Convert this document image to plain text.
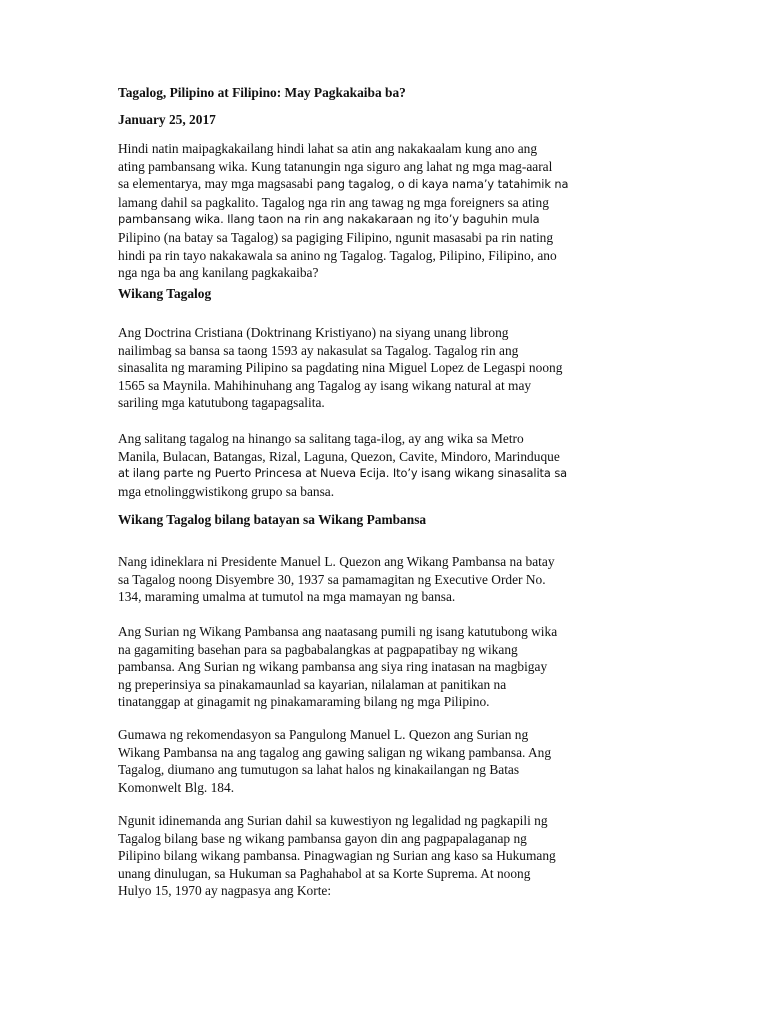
Tagalog, Pilipino at Filipino: May Pagkakaiba ba?

January 25, 2017

Hindi natin maipagkakailang hindi lahat sa atin ang nakakaalam kung ano ang

ating pambansang wika. Kung tatanungin nga siguro ang lahat ng mga mag-aaral

sa elementarya, may mga magsasabi pang tagalog, o di kaya nama’y tatahimik na

lamang dahil sa pagkalito. Tagalog nga rin ang tawag ng mga foreigners sa ating

pambansang wika. Ilang taon na rin ang nakakaraan ng ito’y baguhin mula

Pilipino (na batay sa Tagalog) sa pagiging Filipino, ngunit masasabi pa rin nating

hindi pa rin tayo nakakawala sa anino ng Tagalog. Tagalog, Pilipino, Filipino, ano

nga nga ba ang kanilang pagkakaiba?

Wikang Tagalog

Ang Doctrina Cristiana (Doktrinang Kristiyano) na siyang unang librong

nailimbag sa bansa sa taong 1593 ay nakasulat sa Tagalog. Tagalog rin ang

sinasalita ng maraming Pilipino sa pagdating nina Miguel Lopez de Legaspi noong

1565 sa Maynila. Mahihinuhang ang Tagalog ay isang wikang natural at may

sariling mga katutubong tagapagsalita.

Ang salitang tagalog na hinango sa salitang taga-ilog, ay ang wika sa Metro

Manila, Bulacan, Batangas, Rizal, Laguna, Quezon, Cavite, Mindoro, Marinduque

at ilang parte ng Puerto Princesa at Nueva Ecija. Ito’y isang wikang sinasalita sa

mga etnolinggwistikong grupo sa bansa.

Wikang Tagalog bilang batayan sa Wikang Pambansa

Nang idineklara ni Presidente Manuel L. Quezon ang Wikang Pambansa na batay

sa Tagalog noong Disyembre 30, 1937 sa pamamagitan ng Executive Order No.

134, maraming umalma at tumutol na mga mamayan ng bansa.

Ang Surian ng Wikang Pambansa ang naatasang pumili ng isang katutubong wika

na gagamiting basehan para sa pagbabalangkas at pagpapatibay ng wikang

pambansa. Ang Surian ng wikang pambansa ang siya ring inatasan na magbigay

ng preperinsiya sa pinakamaunlad sa kayarian, nilalaman at panitikan na

tinatanggap at ginagamit ng pinakamaraming bilang ng mga Pilipino.

Gumawa ng rekomendasyon sa Pangulong Manuel L. Quezon ang Surian ng

Wikang Pambansa na ang tagalog ang gawing saligan ng wikang pambansa. Ang

Tagalog, diumano ang tumutugon sa lahat halos ng kinakailangan ng Batas

Komonwelt Blg. 184.

Ngunit idinemanda ang Surian dahil sa kuwestiyon ng legalidad ng pagkapili ng

Tagalog bilang base ng wikang pambansa gayon din ang pagpapalaganap ng

Pilipino bilang wikang pambansa. Pinagwagian ng Surian ang kaso sa Hukumang

unang dinulugan, sa Hukuman sa Paghahabol at sa Korte Suprema. At noong

Hulyo 15, 1970 ay nagpasya ang Korte:
